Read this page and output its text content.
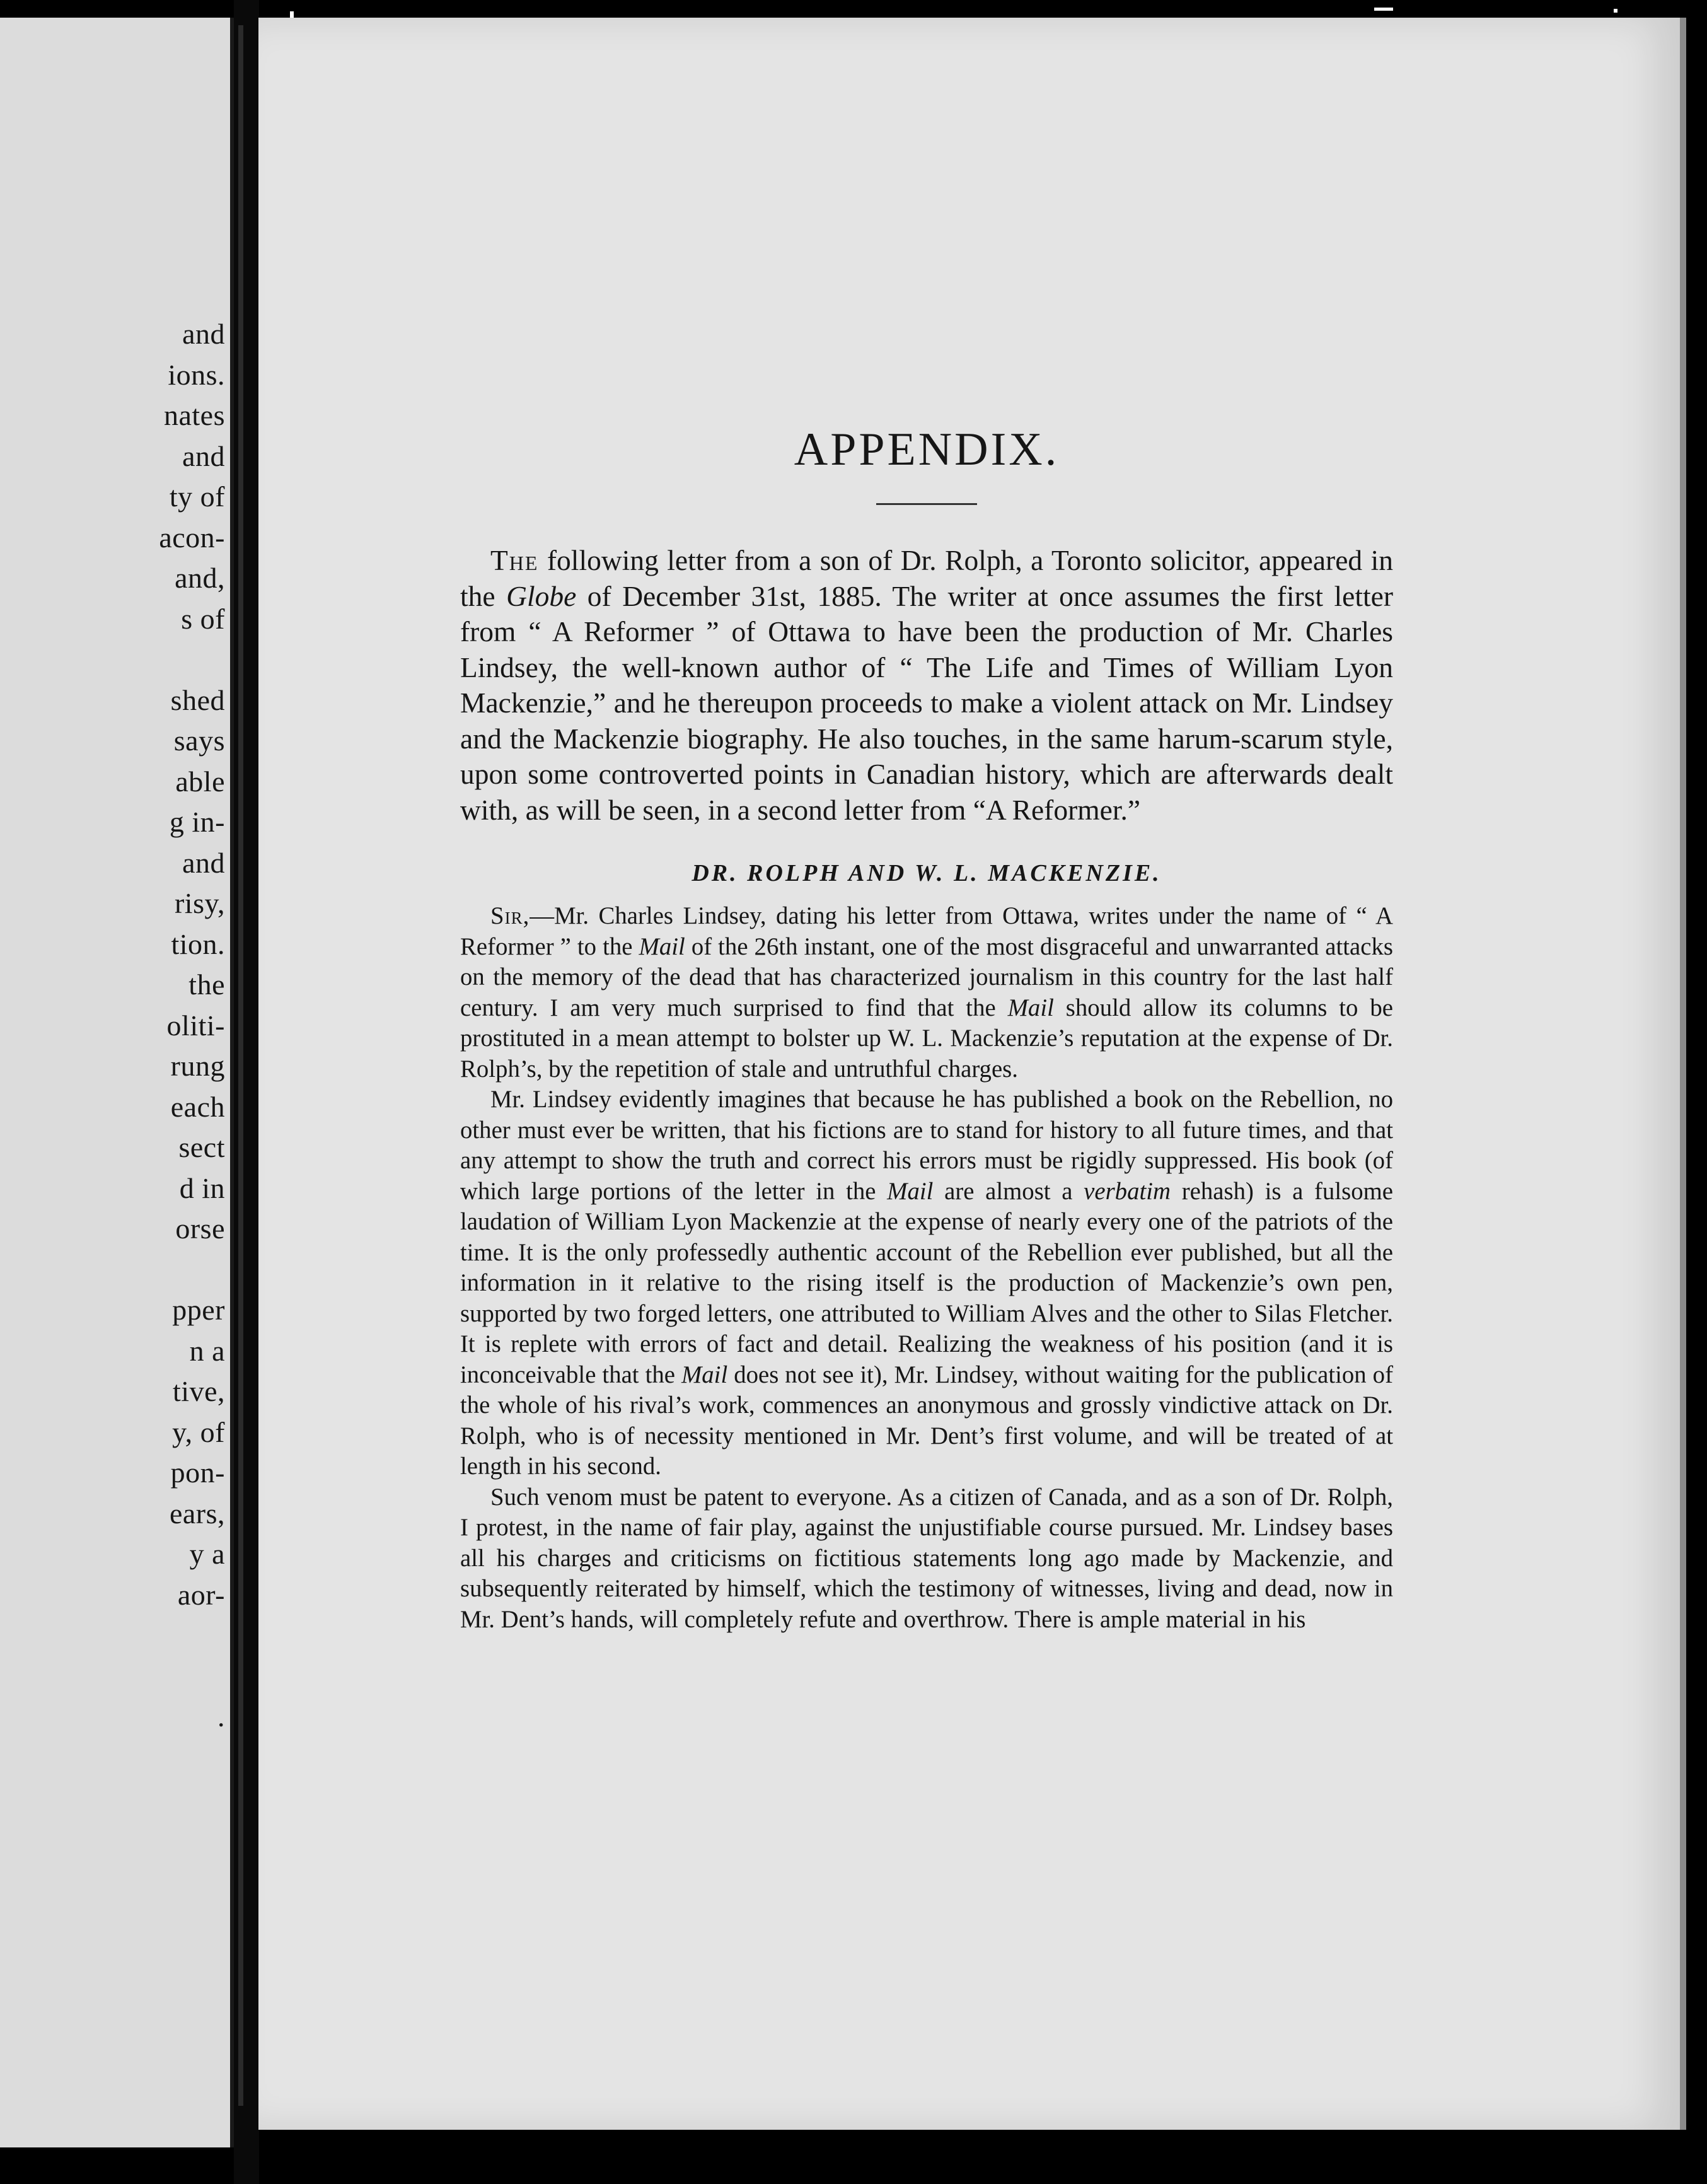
and
ions.
nates
and
ty of
acon-
and,
s of
shed
says
able
g in-
and
risy,
tion.
the
oliti-
rung
each
sect
d in
orse
pper
n a
tive,
y, of
pon-
ears,
y a
aor-
.
APPENDIX.

The following letter from a son of Dr. Rolph, a Toronto solicitor, appeared in the Globe of December 31st, 1885. The writer at once assumes the first letter from “ A Reformer ” of Ottawa to have been the production of Mr. Charles Lindsey, the well-known author of “ The Life and Times of William Lyon Mackenzie,” and he thereupon proceeds to make a violent attack on Mr. Lindsey and the Mackenzie biography. He also touches, in the same harum-scarum style, upon some controverted points in Canadian history, which are afterwards dealt with, as will be seen, in a second letter from “A Reformer.”

DR. ROLPH AND W. L. MACKENZIE.

Sir,—Mr. Charles Lindsey, dating his letter from Ottawa, writes under the name of “ A Reformer ” to the Mail of the 26th instant, one of the most disgraceful and unwarranted attacks on the memory of the dead that has characterized journalism in this country for the last half century. I am very much surprised to find that the Mail should allow its columns to be prostituted in a mean attempt to bolster up W. L. Mackenzie’s reputation at the expense of Dr. Rolph’s, by the repetition of stale and untruthful charges.

Mr. Lindsey evidently imagines that because he has published a book on the Rebellion, no other must ever be written, that his fictions are to stand for history to all future times, and that any attempt to show the truth and correct his errors must be rigidly suppressed. His book (of which large portions of the letter in the Mail are almost a verbatim rehash) is a fulsome laudation of William Lyon Mackenzie at the expense of nearly every one of the patriots of the time. It is the only professedly authentic account of the Rebellion ever published, but all the information in it relative to the rising itself is the production of Mackenzie’s own pen, supported by two forged letters, one attributed to William Alves and the other to Silas Fletcher. It is replete with errors of fact and detail. Realizing the weakness of his position (and it is inconceivable that the Mail does not see it), Mr. Lindsey, without waiting for the publication of the whole of his rival’s work, commences an anonymous and grossly vindictive attack on Dr. Rolph, who is of necessity mentioned in Mr. Dent’s first volume, and will be treated of at length in his second.

Such venom must be patent to everyone. As a citizen of Canada, and as a son of Dr. Rolph, I protest, in the name of fair play, against the unjustifiable course pursued. Mr. Lindsey bases all his charges and criticisms on fictitious statements long ago made by Mackenzie, and subsequently reiterated by himself, which the testimony of witnesses, living and dead, now in Mr. Dent’s hands, will completely refute and overthrow. There is ample material in his
